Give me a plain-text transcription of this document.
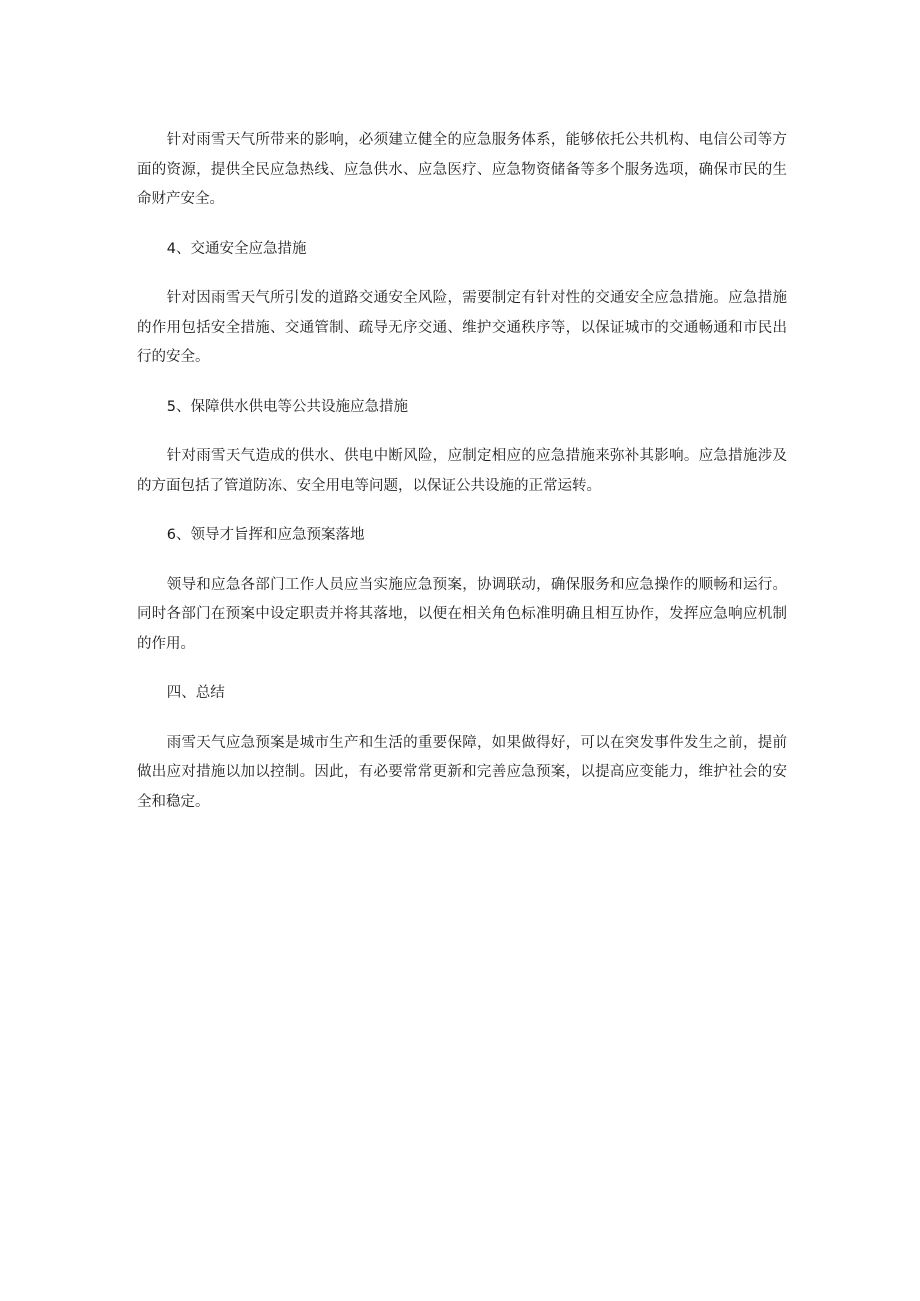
针对雨雪天气所带来的影响，必须建立健全的应急服务体系，能够依托公共机构、电信公司等方面的资源，提供全民应急热线、应急供水、应急医疗、应急物资储备等多个服务选项，确保市民的生命财产安全。

4、交通安全应急措施

针对因雨雪天气所引发的道路交通安全风险，需要制定有针对性的交通安全应急措施。应急措施的作用包括安全措施、交通管制、疏导无序交通、维护交通秩序等，以保证城市的交通畅通和市民出行的安全。

5、保障供水供电等公共设施应急措施

针对雨雪天气造成的供水、供电中断风险，应制定相应的应急措施来弥补其影响。应急措施涉及的方面包括了管道防冻、安全用电等问题，以保证公共设施的正常运转。

6、领导才旨挥和应急预案落地

领导和应急各部门工作人员应当实施应急预案，协调联动，确保服务和应急操作的顺畅和运行。同时各部门在预案中设定职责并将其落地，以便在相关角色标准明确且相互协作，发挥应急响应机制的作用。

四、总结

雨雪天气应急预案是城市生产和生活的重要保障，如果做得好，可以在突发事件发生之前，提前做出应对措施以加以控制。因此，有必要常常更新和完善应急预案，以提高应变能力，维护社会的安全和稳定。
